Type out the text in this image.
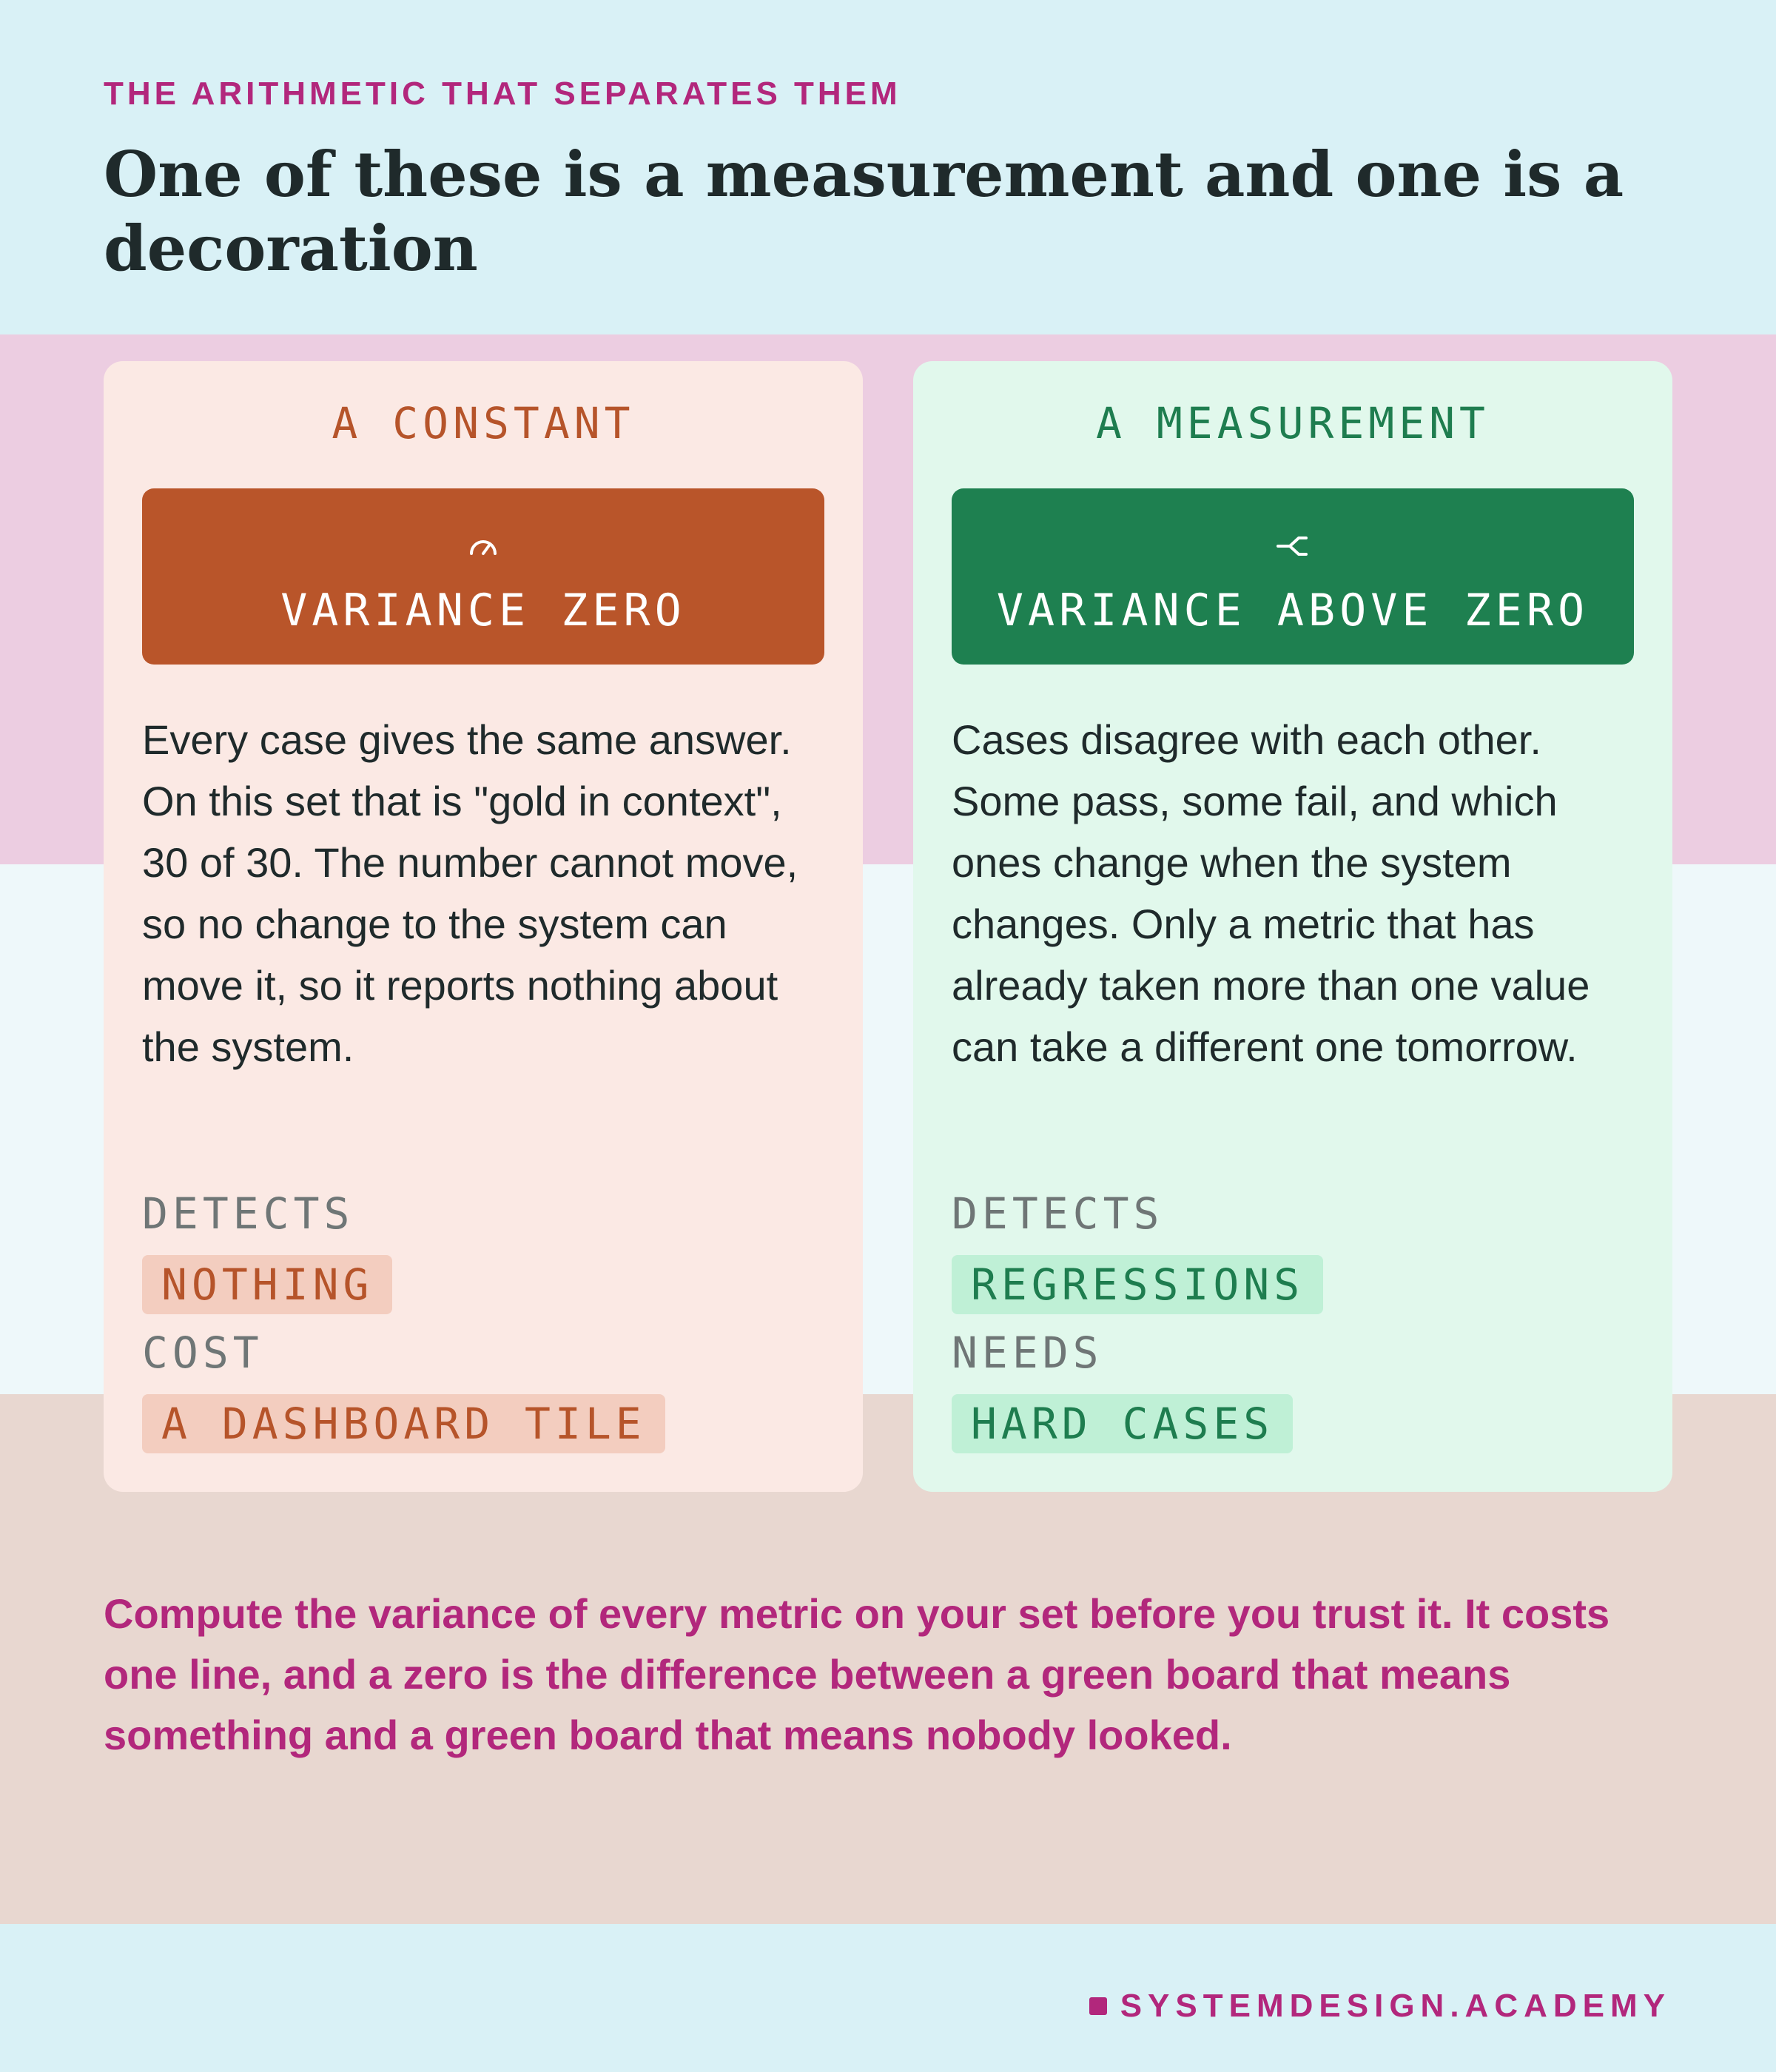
THE ARITHMETIC THAT SEPARATES THEM
One of these is a measurement and one is a decoration
A CONSTANT
VARIANCE ZERO

Every case gives the same answer. On this set that is "gold in context", 30 of 30. The number cannot move, so no change to the system can move it, so it reports nothing about the system.

DETECTS
NOTHING
COST
A DASHBOARD TILE
A MEASUREMENT
VARIANCE ABOVE ZERO

Cases disagree with each other. Some pass, some fail, and which ones change when the system changes. Only a metric that has already taken more than one value can take a different one tomorrow.

DETECTS
REGRESSIONS
NEEDS
HARD CASES

Compute the variance of every metric on your set before you trust it. It costs one line, and a zero is the difference between a green board that means something and a green board that means nobody looked.

SYSTEMDESIGN.ACADEMY
